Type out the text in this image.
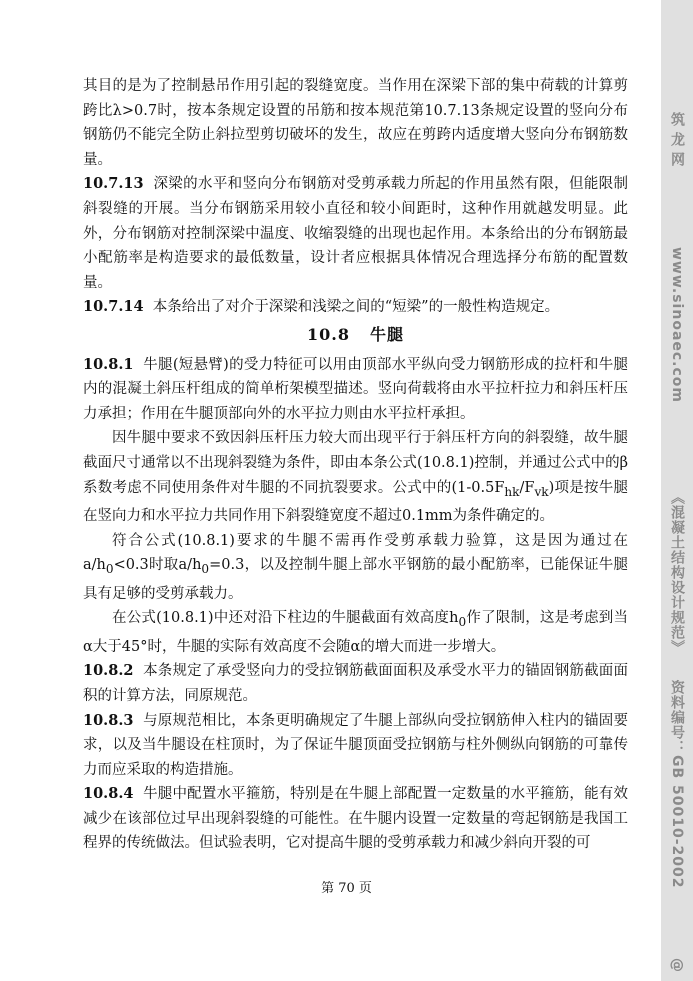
其目的是为了控制悬吊作用引起的裂缝宽度。当作用在深梁下部的集中荷载的计算剪跨比λ>0.7时，按本条规定设置的吊筋和按本规范第10.7.13条规定设置的竖向分布钢筋仍不能完全防止斜拉型剪切破坏的发生，故应在剪跨内适度增大竖向分布钢筋数量。

10.7.13 深梁的水平和竖向分布钢筋对受剪承载力所起的作用虽然有限，但能限制斜裂缝的开展。当分布钢筋采用较小直径和较小间距时，这种作用就越发明显。此外，分布钢筋对控制深梁中温度、收缩裂缝的出现也起作用。本条给出的分布钢筋最小配筋率是构造要求的最低数量，设计者应根据具体情况合理选择分布筋的配置数量。

10.7.14 本条给出了对介于深梁和浅梁之间的“短梁”的一般性构造规定。

10.8 牛腿

10.8.1 牛腿(短悬臂)的受力特征可以用由顶部水平纵向受力钢筋形成的拉杆和牛腿内的混凝土斜压杆组成的简单桁架模型描述。竖向荷载将由水平拉杆拉力和斜压杆压力承担；作用在牛腿顶部向外的水平拉力则由水平拉杆承担。

因牛腿中要求不致因斜压杆压力较大而出现平行于斜压杆方向的斜裂缝，故牛腿截面尺寸通常以不出现斜裂缝为条件，即由本条公式(10.8.1)控制，并通过公式中的β系数考虑不同使用条件对牛腿的不同抗裂要求。公式中的$(1-0.5F_{hk}/F_{vk})$项是按牛腿在竖向力和水平拉力共同作用下斜裂缝宽度不超过0.1mm为条件确定的。

符合公式(10.8.1)要求的牛腿不需再作受剪承载力验算，这是因为通过在$a/h_0<0.3$时取$a/h_0=0.3$，以及控制牛腿上部水平钢筋的最小配筋率，已能保证牛腿具有足够的受剪承载力。

在公式(10.8.1)中还对沿下柱边的牛腿截面有效高度$h_0$作了限制，这是考虑到当α大于45°时，牛腿的实际有效高度不会随α的增大而进一步增大。

10.8.2 本条规定了承受竖向力的受拉钢筋截面面积及承受水平力的锚固钢筋截面面积的计算方法，同原规范。

10.8.3 与原规范相比，本条更明确规定了牛腿上部纵向受拉钢筋伸入柱内的锚固要求，以及当牛腿设在柱顶时，为了保证牛腿顶面受拉钢筋与柱外侧纵向钢筋的可靠传力而应采取的构造措施。

10.8.4 牛腿中配置水平箍筋，特别是在牛腿上部配置一定数量的水平箍筋，能有效减少在该部位过早出现斜裂缝的可能性。在牛腿内设置一定数量的弯起钢筋是我国工程界的传统做法。但试验表明，它对提高牛腿的受剪承载力和减少斜向开裂的可

第 70 页
筑龙网
www.sinoaec.com
《混凝土结构设计规范》
资料编号：GB 50010-2002
@
